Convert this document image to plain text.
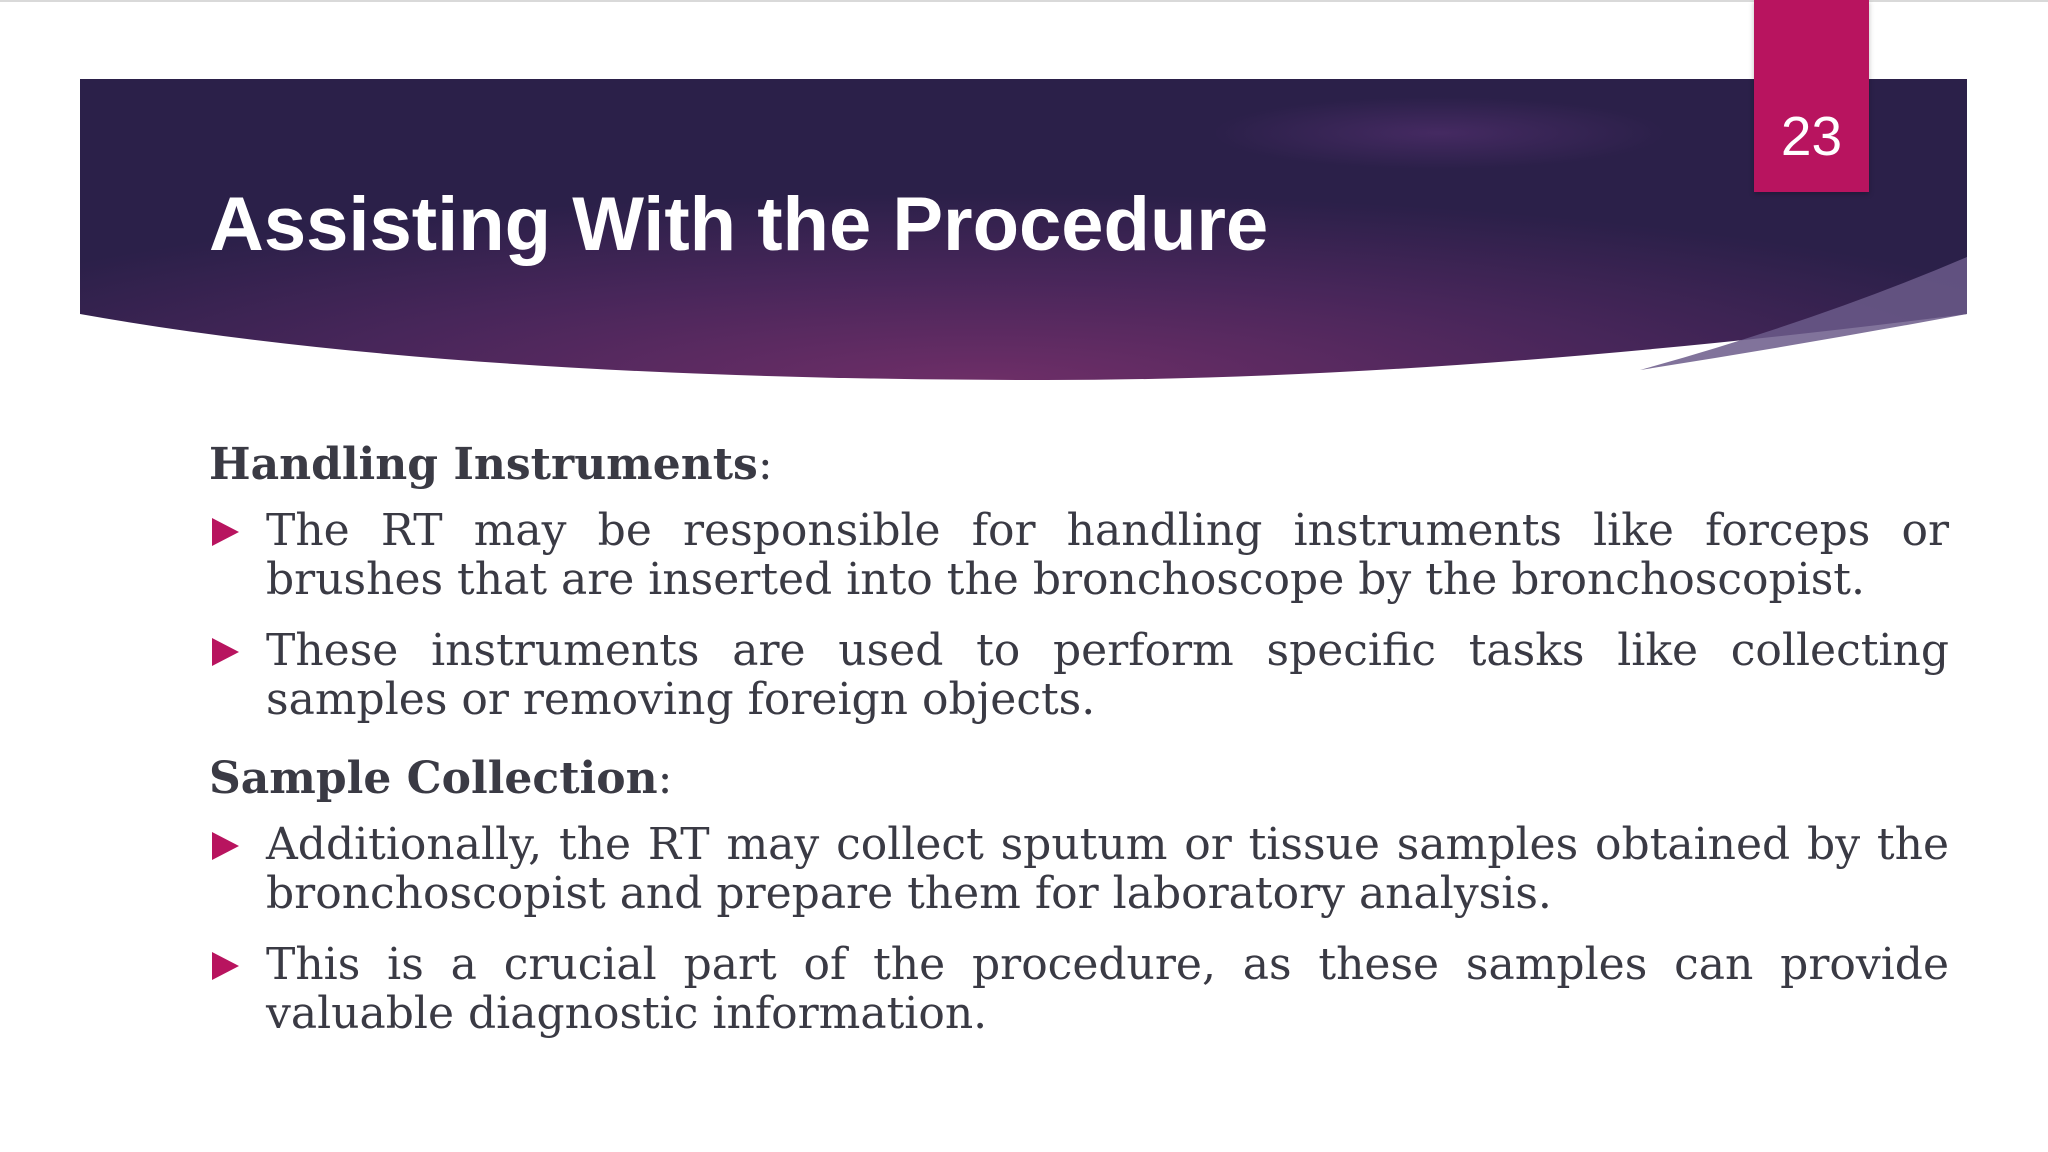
Assisting With the Procedure
23
Handling Instruments:
The RT may be responsible for handling instruments like forceps or brushes that are inserted into the bronchoscope by the bronchoscopist.
These instruments are used to perform specific tasks like collecting samples or removing foreign objects.
Sample Collection:
Additionally, the RT may collect sputum or tissue samples obtained by the bronchoscopist and prepare them for laboratory analysis.
This is a crucial part of the procedure, as these samples can provide valuable diagnostic information.
